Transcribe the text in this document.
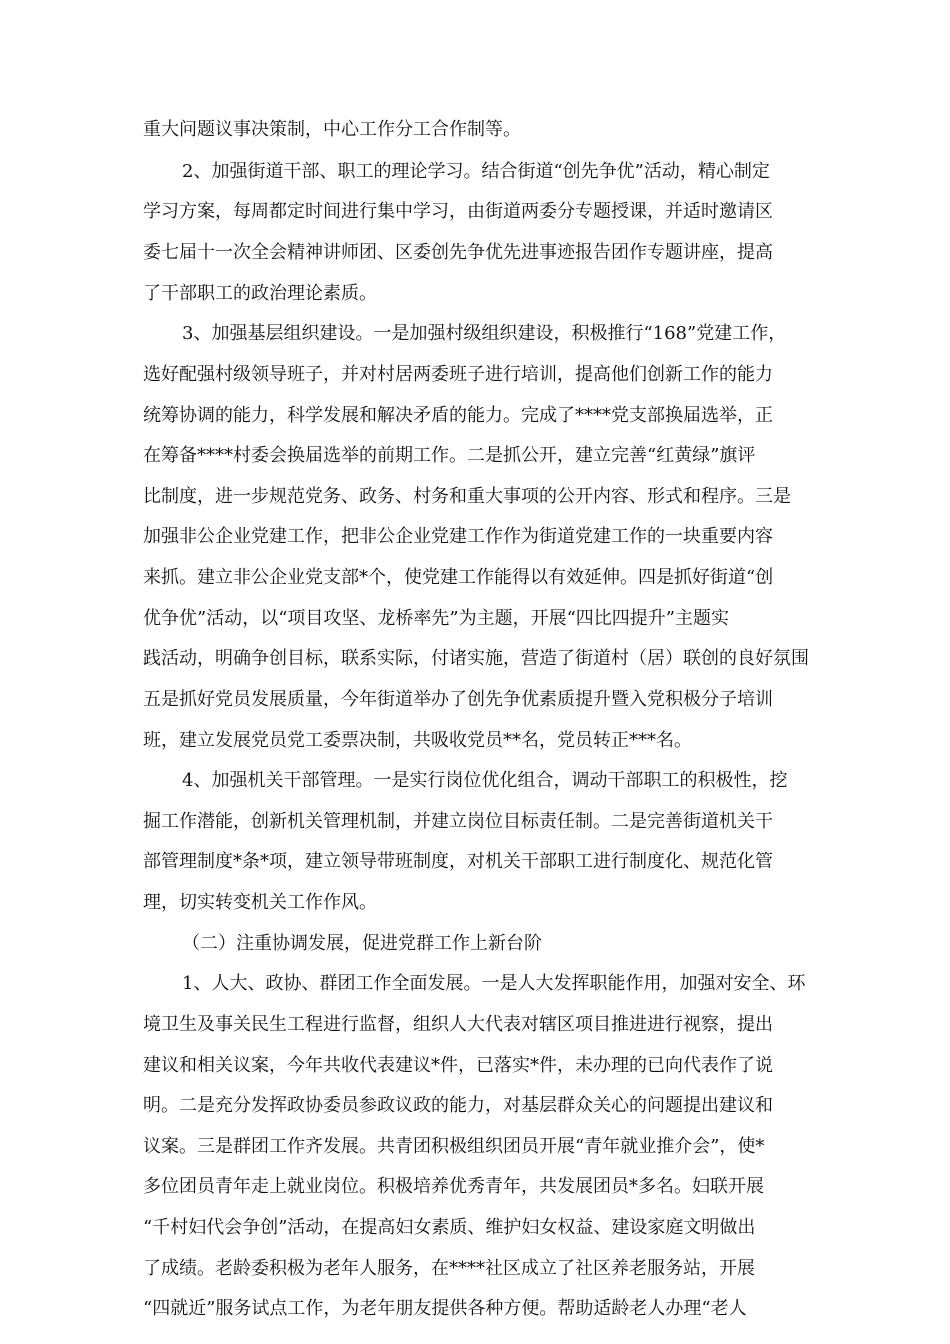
重大问题议事决策制，中心工作分工合作制等。
2、加强街道干部、职工的理论学习。结合街道“创先争优”活动，精心制定
学习方案，每周都定时间进行集中学习，由街道两委分专题授课，并适时邀请区
委七届十一次全会精神讲师团、区委创先争优先进事迹报告团作专题讲座，提高
了干部职工的政治理论素质。
3、加强基层组织建设。一是加强村级组织建设，积极推行“168”党建工作，
选好配强村级领导班子，并对村居两委班子进行培训，提高他们创新工作的能力
统筹协调的能力，科学发展和解决矛盾的能力。完成了****党支部换届选举，正
在筹备****村委会换届选举的前期工作。二是抓公开，建立完善“红黄绿”旗评
比制度，进一步规范党务、政务、村务和重大事项的公开内容、形式和程序。三是
加强非公企业党建工作，把非公企业党建工作作为街道党建工作的一块重要内容
来抓。建立非公企业党支部*个，使党建工作能得以有效延伸。四是抓好街道“创
优争优”活动，以“项目攻坚、龙桥率先”为主题，开展“四比四提升”主题实
践活动，明确争创目标，联系实际，付诸实施，营造了街道村（居）联创的良好氛围
五是抓好党员发展质量，今年街道举办了创先争优素质提升暨入党积极分子培训
班，建立发展党员党工委票决制，共吸收党员**名，党员转正***名。
4、加强机关干部管理。一是实行岗位优化组合，调动干部职工的积极性，挖
掘工作潜能，创新机关管理机制，并建立岗位目标责任制。二是完善街道机关干
部管理制度*条*项，建立领导带班制度，对机关干部职工进行制度化、规范化管
理，切实转变机关工作作风。
（二）注重协调发展，促进党群工作上新台阶
1、人大、政协、群团工作全面发展。一是人大发挥职能作用，加强对安全、环
境卫生及事关民生工程进行监督，组织人大代表对辖区项目推进进行视察，提出
建议和相关议案，今年共收代表建议*件，已落实*件，未办理的已向代表作了说
明。二是充分发挥政协委员参政议政的能力，对基层群众关心的问题提出建议和
议案。三是群团工作齐发展。共青团积极组织团员开展“青年就业推介会”，使*
多位团员青年走上就业岗位。积极培养优秀青年，共发展团员*多名。妇联开展
“千村妇代会争创”活动，在提高妇女素质、维护妇女权益、建设家庭文明做出
了成绩。老龄委积极为老年人服务，在****社区成立了社区养老服务站，开展
“四就近”服务试点工作，为老年朋友提供各种方便。帮助适龄老人办理“老人
